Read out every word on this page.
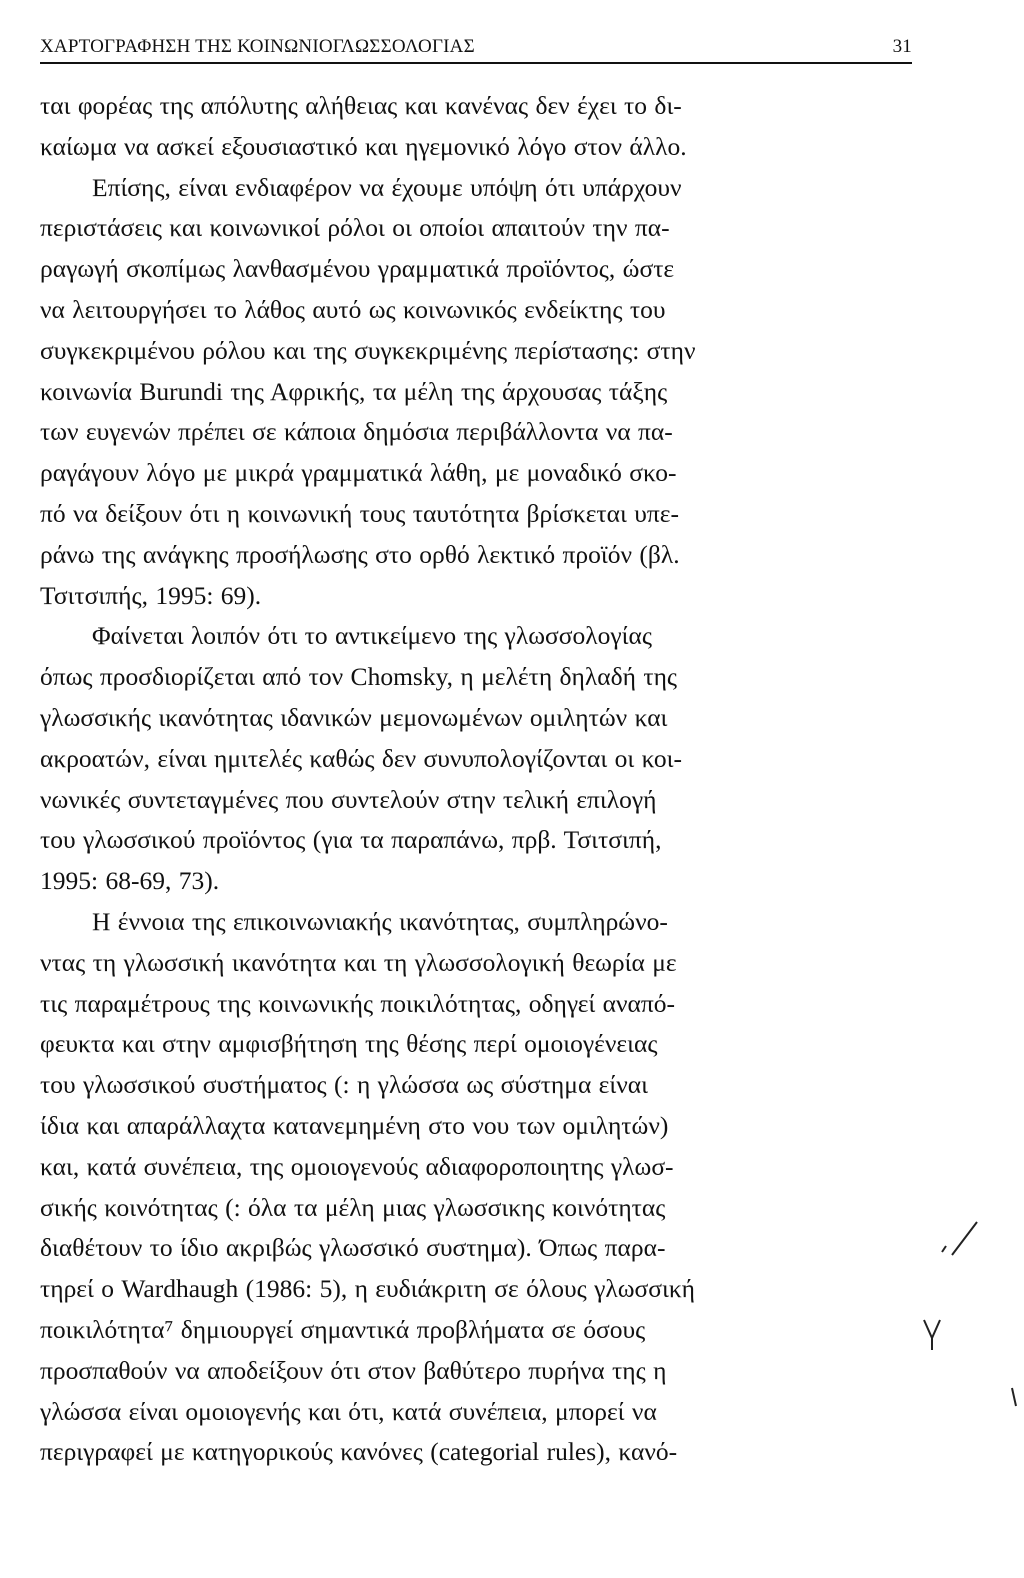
ΧΑΡΤΟΓΡΑΦΗΣΗ ΤΗΣ ΚΟΙΝΩΝΙΟΓΛΩΣΣΟΛΟΓΙΑΣ	31
ται φορέας της απόλυτης αλήθειας και κανένας δεν έχει το δι-
καίωμα να ασκεί εξουσιαστικό και ηγεμονικό λόγο στον άλλο.
Επίσης, είναι ενδιαφέρον να έχουμε υπόψη ότι υπάρχουν
περιστάσεις και κοινωνικοί ρόλοι οι οποίοι απαιτούν την πα-
ραγωγή σκοπίμως λανθασμένου γραμματικά προϊόντος, ώστε
να λειτουργήσει το λάθος αυτό ως κοινωνικός ενδείκτης του
συγκεκριμένου ρόλου και της συγκεκριμένης περίστασης: στην
κοινωνία Burundi της Αφρικής, τα μέλη της άρχουσας τάξης
των ευγενών πρέπει σε κάποια δημόσια περιβάλλοντα να πα-
ραγάγουν λόγο με μικρά γραμματικά λάθη, με μοναδικό σκο-
πό να δείξουν ότι η κοινωνική τους ταυτότητα βρίσκεται υπε-
ράνω της ανάγκης προσήλωσης στο ορθό λεκτικό προϊόν (βλ.
Τσιτσιπής, 1995: 69).
Φαίνεται λοιπόν ότι το αντικείμενο της γλωσσολογίας
όπως προσδιορίζεται από τον Chomsky, η μελέτη δηλαδή της
γλωσσικής ικανότητας ιδανικών μεμονωμένων ομιλητών και
ακροατών, είναι ημιτελές καθώς δεν συνυπολογίζονται οι κοι-
νωνικές συντεταγμένες που συντελούν στην τελική επιλογή
του γλωσσικού προϊόντος (για τα παραπάνω, πρβ. Τσιτσιπή,
1995: 68-69, 73).
Η έννοια της επικοινωνιακής ικανότητας, συμπληρώνο-
ντας τη γλωσσική ικανότητα και τη γλωσσολογική θεωρία με
τις παραμέτρους της κοινωνικής ποικιλότητας, οδηγεί αναπό-
φευκτα και στην αμφισβήτηση της θέσης περί ομοιογένειας
του γλωσσικού συστήματος (: η γλώσσα ως σύστημα είναι
ίδια και απαράλλαχτα κατανεμημένη στο νου των ομιλητών)
και, κατά συνέπεια, της ομοιογενούς αδιαφοροποιητης γλωσ-
σικής κοινότητας (: όλα τα μέλη μιας γλωσσικης κοινότητας
διαθέτουν το ίδιο ακριβώς γλωσσικό συστημα). Όπως παρα-
τηρεί ο Wardhaugh (1986: 5), η ευδιάκριτη σε όλους γλωσσική
ποικιλότητα⁷ δημιουργεί σημαντικά προβλήματα σε όσους
προσπαθούν να αποδείξουν ότι στον βαθύτερο πυρήνα της η
γλώσσα είναι ομοιογενής και ότι, κατά συνέπεια, μπορεί να
περιγραφεί με κατηγορικούς κανόνες (categorial rules), κανό-
